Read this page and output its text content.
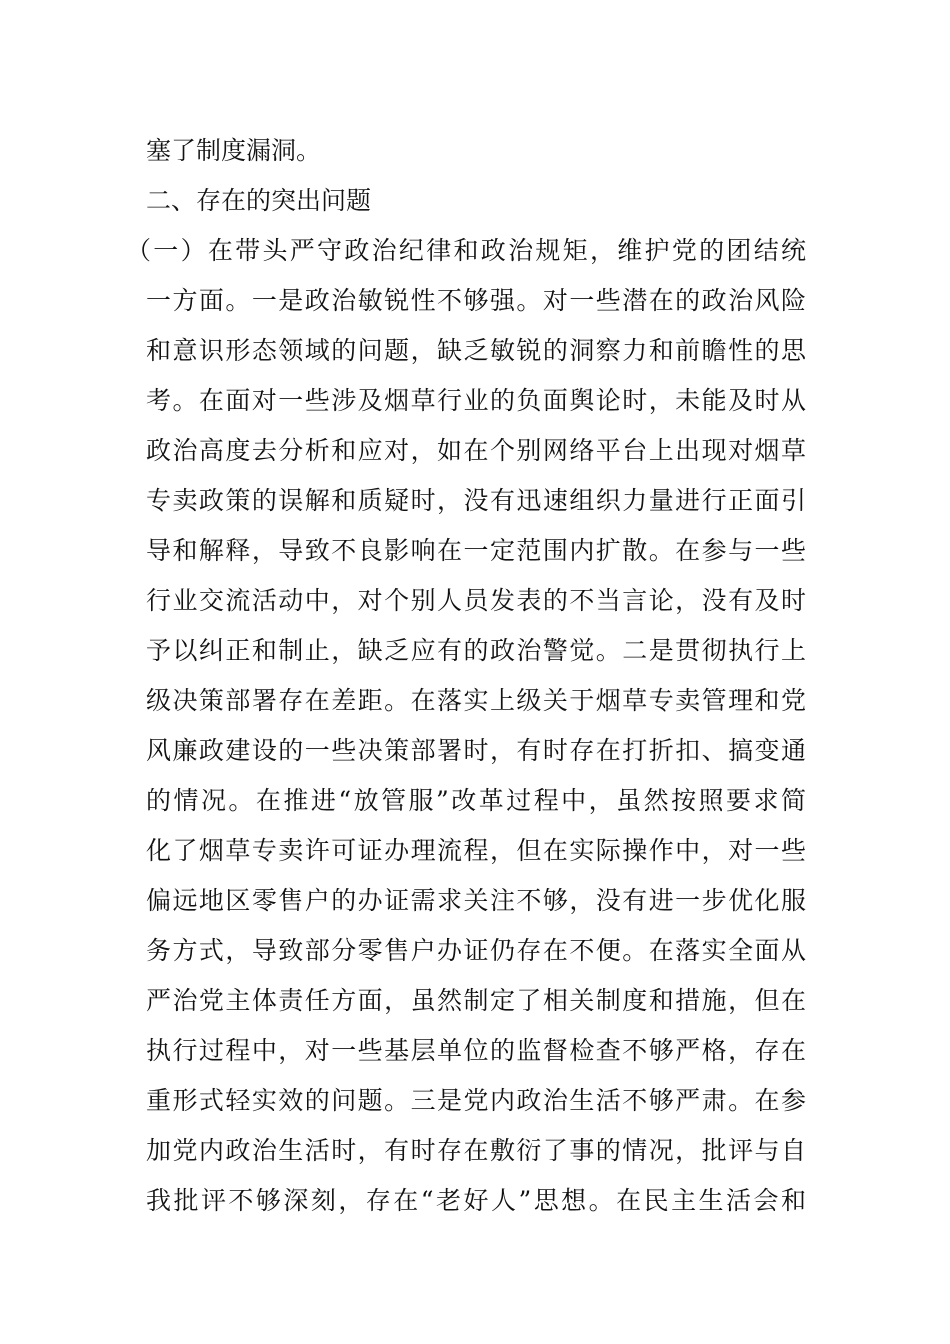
塞了制度漏洞。
二、存在的突出问题
（一）在带头严守政治纪律和政治规矩，维护党的团结统
一方面。一是政治敏锐性不够强。对一些潜在的政治风险
和意识形态领域的问题，缺乏敏锐的洞察力和前瞻性的思
考。在面对一些涉及烟草行业的负面舆论时，未能及时从
政治高度去分析和应对，如在个别网络平台上出现对烟草
专卖政策的误解和质疑时，没有迅速组织力量进行正面引
导和解释，导致不良影响在一定范围内扩散。在参与一些
行业交流活动中，对个别人员发表的不当言论，没有及时
予以纠正和制止，缺乏应有的政治警觉。二是贯彻执行上
级决策部署存在差距。在落实上级关于烟草专卖管理和党
风廉政建设的一些决策部署时，有时存在打折扣、搞变通
的情况。在推进“放管服”改革过程中，虽然按照要求简
化了烟草专卖许可证办理流程，但在实际操作中，对一些
偏远地区零售户的办证需求关注不够，没有进一步优化服
务方式，导致部分零售户办证仍存在不便。在落实全面从
严治党主体责任方面，虽然制定了相关制度和措施，但在
执行过程中，对一些基层单位的监督检查不够严格，存在
重形式轻实效的问题。三是党内政治生活不够严肃。在参
加党内政治生活时，有时存在敷衍了事的情况，批评与自
我批评不够深刻，存在“老好人”思想。在民主生活会和
